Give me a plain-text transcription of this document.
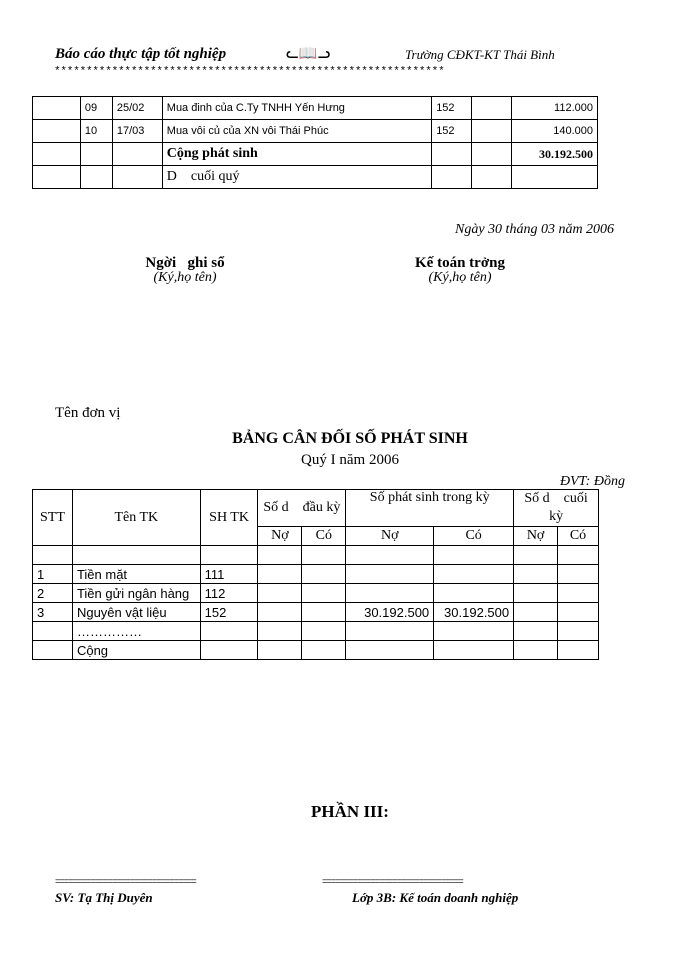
Báo cáo thực tập tốt nghiệp	ᓚ📖ᓗ	Trường CĐKT-KT Thái Bình
*************************************************************
	09	25/02	Mua đinh của C.Ty TNHH Yến Hưng	152		112.000
	10	17/03	Mua vôi củ của XN vôi Thái Phúc	152		140.000
			Cộng phát sinh			30.192.500
			D    cuối quý			
Ngày 30 tháng 03 năm 2006
Ngời   ghi sổ
(Ký,họ tên)
Kế toán trởng
(Ký,họ tên)
Tên đơn vị
BẢNG CÂN ĐỐI SỐ PHÁT SINH
Quý I năm 2006
ĐVT: Đồng
STT	Tên TK	SH TK	Số d    đầu kỳ		Số phát sinh trong kỳ		Số d    cuối kỳ	
			Nợ	Có	Nợ	Có	Nợ	Có

1	Tiền mặt	111						
2	Tiền gửi ngân hàng	112						
3	Nguyên vật liệu	152			30.192.500	30.192.500		
	……………							
	Cộng							
PHẦN III:
================================	================================
SV: Tạ Thị Duyên	Lớp 3B: Kế toán doanh nghiệp
